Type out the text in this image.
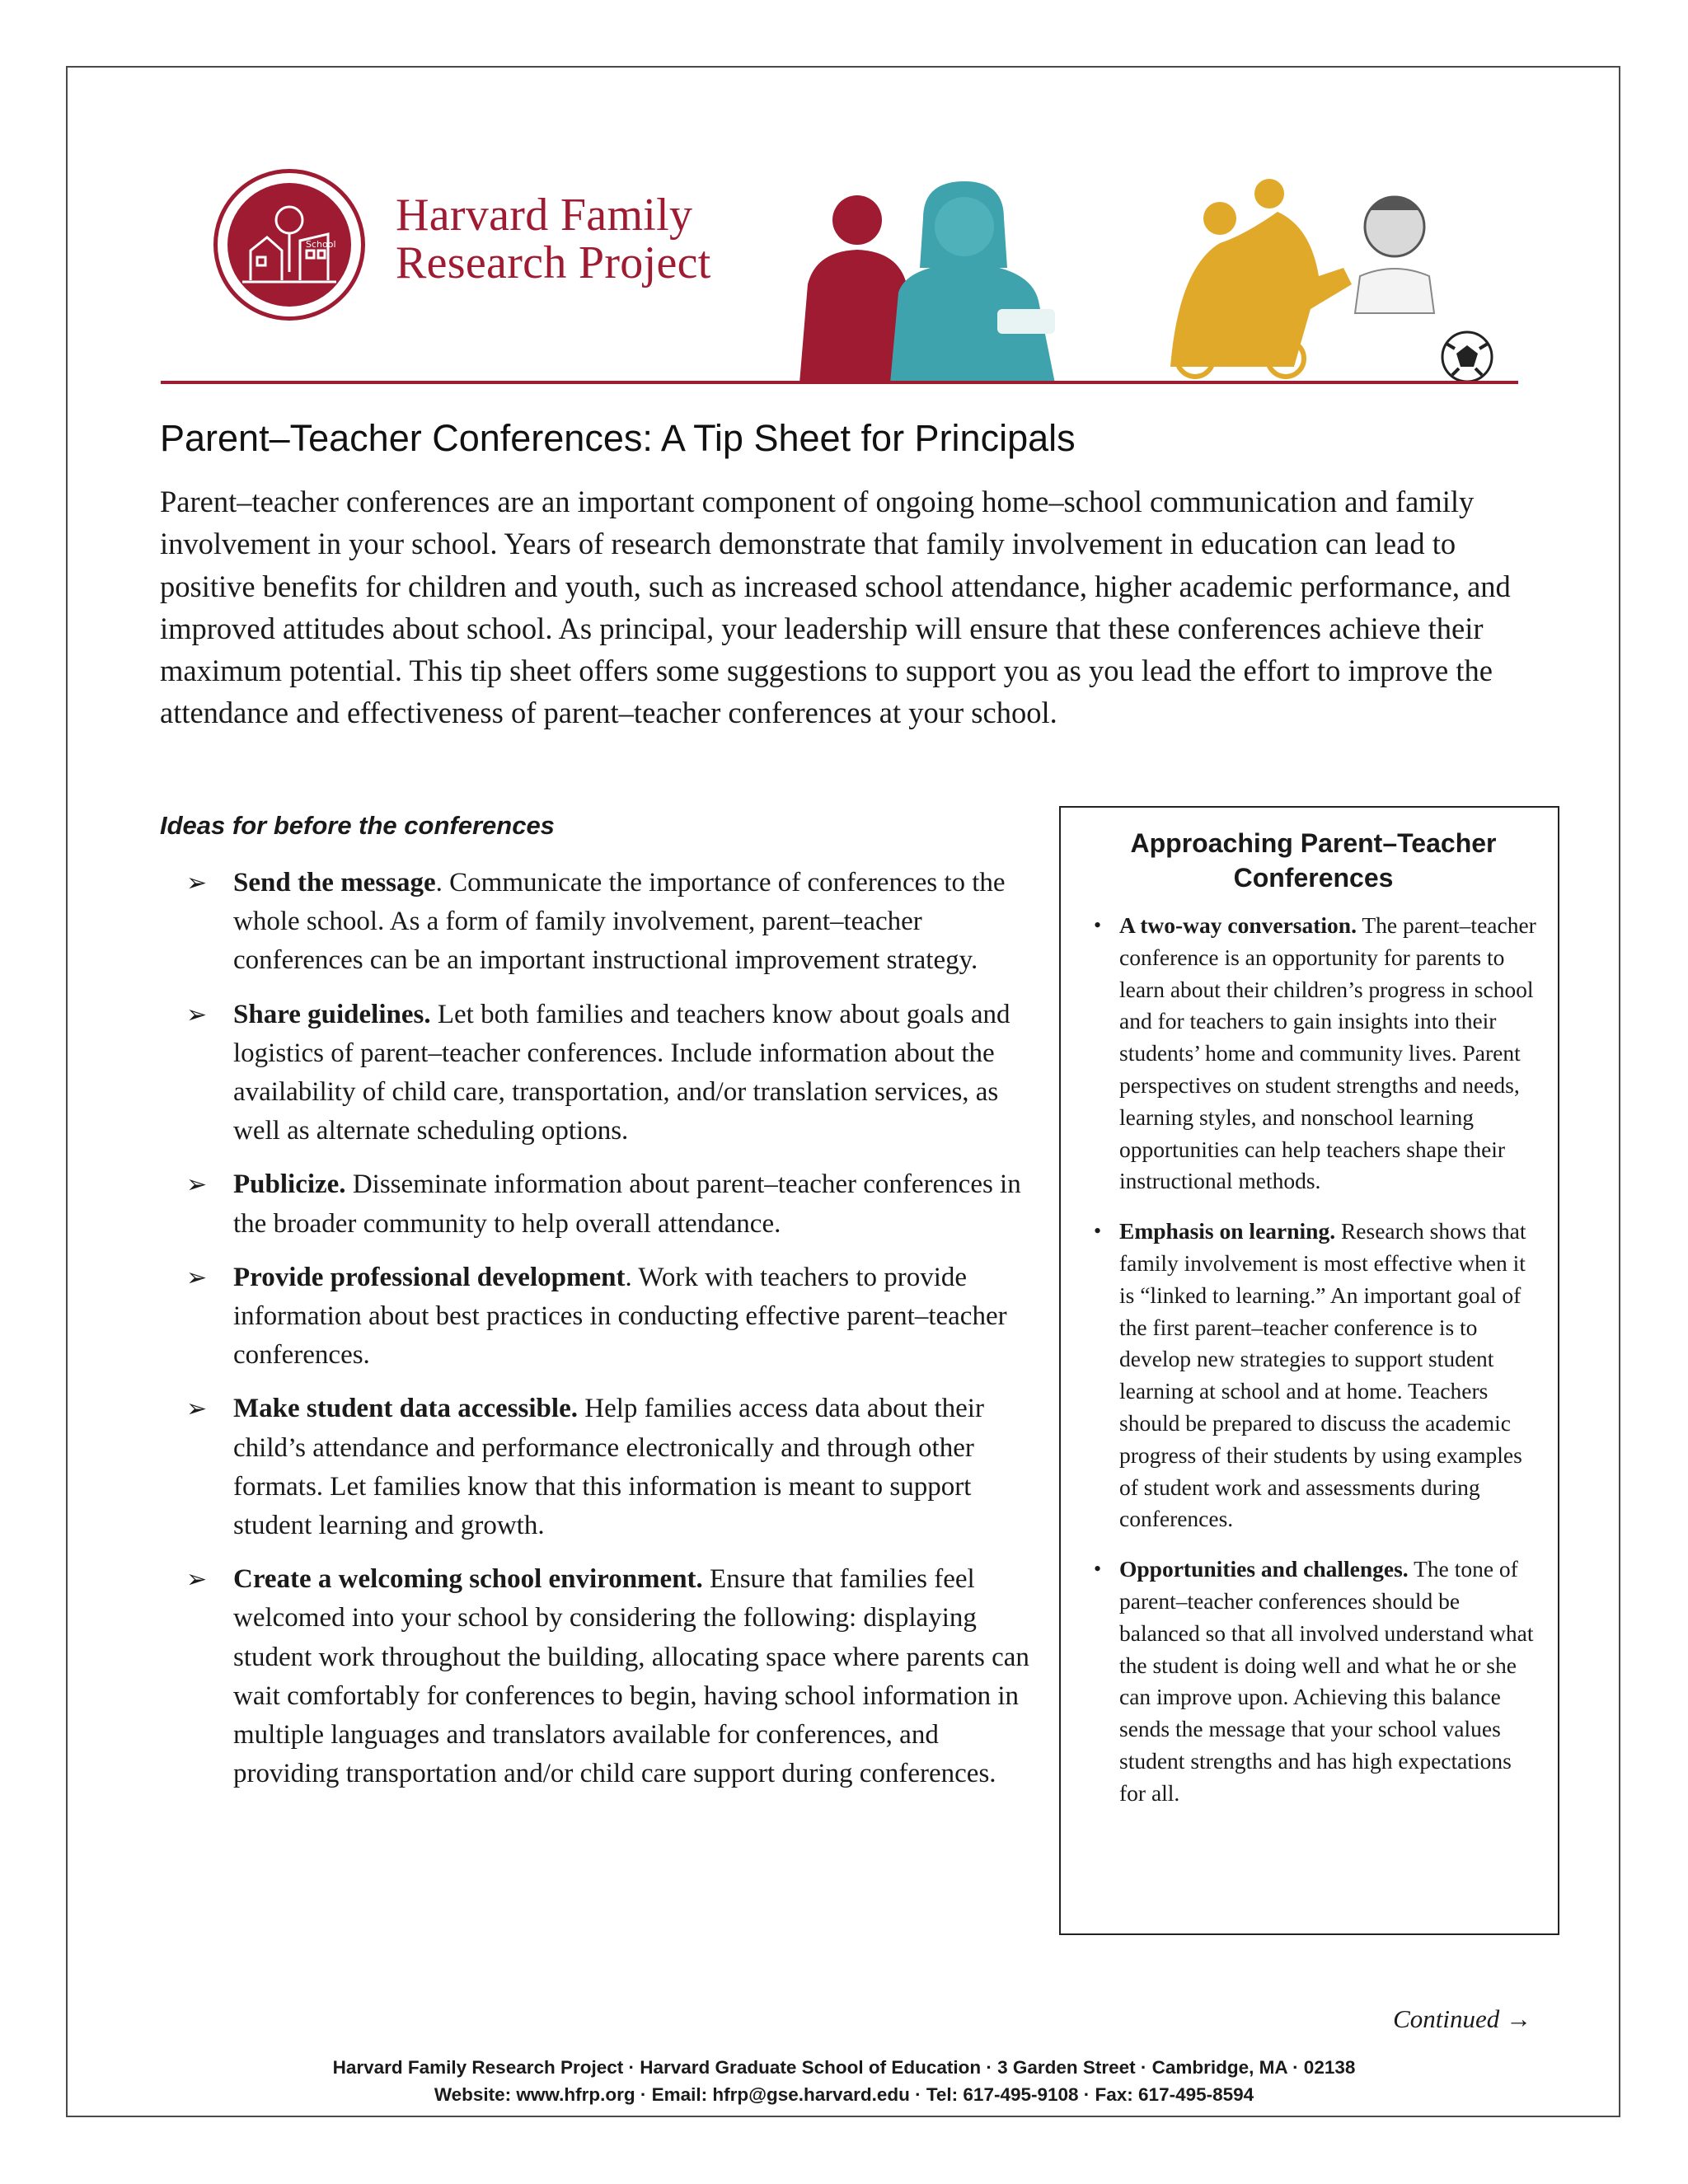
School
Harvard Family
Research Project
Parent–Teacher Conferences: A Tip Sheet for Principals

Parent–teacher conferences are an important component of ongoing home–school communication and family involvement in your school. Years of research demonstrate that family involvement in education can lead to positive benefits for children and youth, such as increased school attendance, higher academic performance, and improved attitudes about school. As principal, your leadership will ensure that these conferences achieve their maximum potential. This tip sheet offers some suggestions to support you as you lead the effort to improve the attendance and effectiveness of parent–teacher conferences at your school.

Ideas for before the conferences
➢ Send the message. Communicate the importance of conferences to the whole school. As a form of family involvement, parent–teacher conferences can be an important instructional improvement strategy.
➢ Share guidelines. Let both families and teachers know about goals and logistics of parent–teacher conferences. Include information about the availability of child care, transportation, and/or translation services, as well as alternate scheduling options.
➢ Publicize. Disseminate information about parent–teacher conferences in the broader community to help overall attendance.
➢ Provide professional development. Work with teachers to provide information about best practices in conducting effective parent–teacher conferences.
➢ Make student data accessible. Help families access data about their child’s attendance and performance electronically and through other formats. Let families know that this information is meant to support student learning and growth.
➢ Create a welcoming school environment. Ensure that families feel welcomed into your school by considering the following: displaying student work throughout the building, allocating space where parents can wait comfortably for conferences to begin, having school information in multiple languages and translators available for conferences, and providing transportation and/or child care support during conferences.
Approaching Parent–Teacher
Conferences
• A two-way conversation. The parent–teacher conference is an opportunity for parents to learn about their children’s progress in school and for teachers to gain insights into their students’ home and community lives. Parent perspectives on student strengths and needs, learning styles, and nonschool learning opportunities can help teachers shape their instructional methods.
• Emphasis on learning. Research shows that family involvement is most effective when it is “linked to learning.” An important goal of the first parent–teacher conference is to develop new strategies to support student learning at school and at home. Teachers should be prepared to discuss the academic progress of their students by using examples of student work and assessments during conferences.
• Opportunities and challenges. The tone of parent–teacher conferences should be balanced so that all involved understand what the student is doing well and what he or she can improve upon. Achieving this balance sends the message that your school values student strengths and has high expectations for all.
Continued →
Harvard Family Research Project · Harvard Graduate School of Education · 3 Garden Street · Cambridge, MA · 02138
Website: www.hfrp.org · Email: hfrp@gse.harvard.edu · Tel: 617-495-9108 · Fax: 617-495-8594
